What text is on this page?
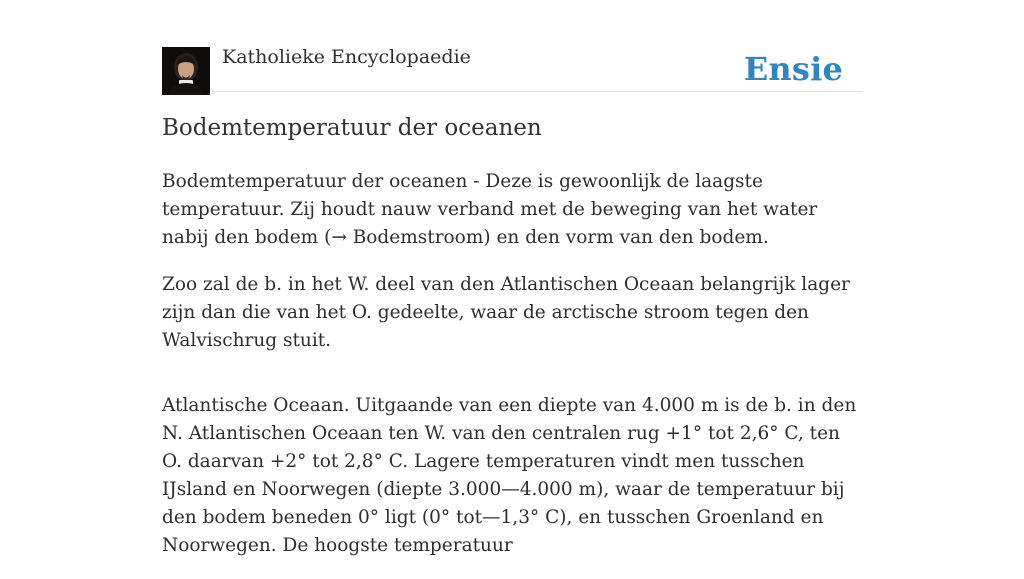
Katholieke Encyclopaedie	Ensie
Bodemtemperatuur der oceanen

Bodemtemperatuur der oceanen - Deze is gewoonlijk de laagste temperatuur. Zij houdt nauw verband met de beweging van het water nabij den bodem (→ Bodemstroom) en den vorm van den bodem.

Zoo zal de b. in het W. deel van den Atlantischen Oceaan belangrijk lager zijn dan die van het O. gedeelte, waar de arctische stroom tegen den Walvischrug stuit.

Atlantische Oceaan. Uitgaande van een diepte van 4.000 m is de b. in den N. Atlantischen Oceaan ten W. van den centralen rug +1° tot 2,6° C, ten O. daarvan +2° tot 2,8° C. Lagere temperaturen vindt men tusschen IJsland en Noorwegen (diepte 3.000—4.000 m), waar de temperatuur bij den bodem beneden 0° ligt (0° tot—1,3° C), en tusschen Groenland en Noorwegen. De hoogste temperatuur
